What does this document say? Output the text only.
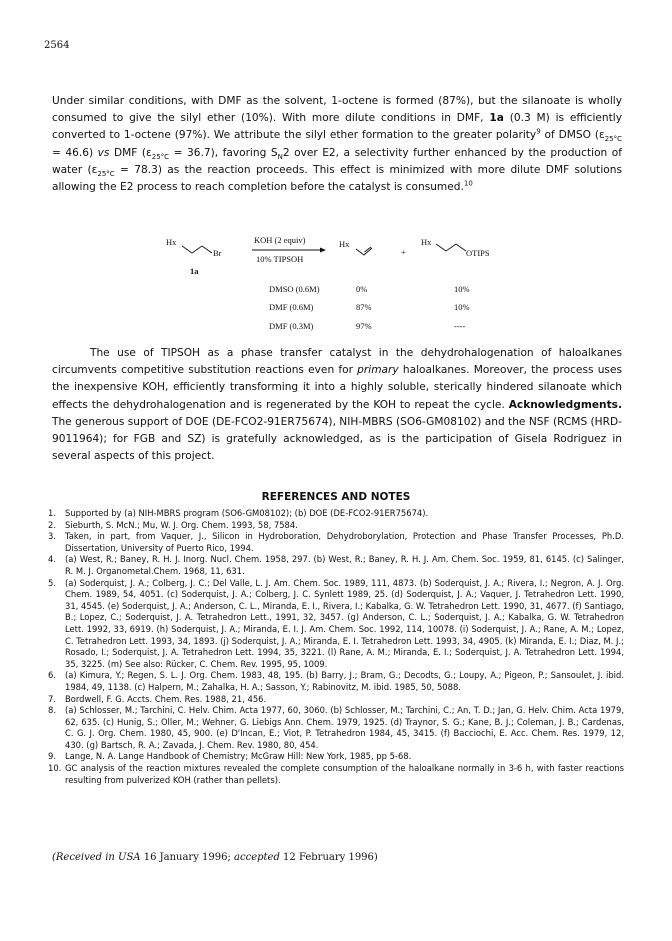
2564
Under similar conditions, with DMF as the solvent, 1-octene is formed (87%), but the silanoate is wholly consumed to give the silyl ether (10%). With more dilute conditions in DMF, 1a (0.3 M) is efficiently converted to 1-octene (97%). We attribute the silyl ether formation to the greater polarity$^9$ of DMSO $(\varepsilon_{25^\circ C} = 46.6)$ vs DMF $(\varepsilon_{25^\circ C} = 36.7)$, favoring $S_N2$ over E2, a selectivity further enhanced by the production of water $(\varepsilon_{25^\circ C} = 78.3)$ as the reaction proceeds. This effect is minimized with more dilute DMF solutions allowing the E2 process to reach completion before the catalyst is consumed.$^{10}$
Hx
Br
1a
KOH (2 equiv)
10% TIPSOH
Hx
+
Hx
OTIPS
DMSO (0.6M)	0%	10%
DMF (0.6M)	87%	10%
DMF (0.3M)	97%	----
The use of TIPSOH as a phase transfer catalyst in the dehydrohalogenation of haloalkanes circumvents competitive substitution reactions even for primary haloalkanes. Moreover, the process uses the inexpensive KOH, efficiently transforming it into a highly soluble, sterically hindered silanoate which effects the dehydrohalogenation and is regenerated by the KOH to repeat the cycle. Acknowledgments. The generous support of DOE (DE-FCO2-91ER75674), NIH-MBRS (SO6-GM08102) and the NSF (RCMS (HRD-9011964); for FGB and SZ) is gratefully acknowledged, as is the participation of Gisela Rodriguez in several aspects of this project.
REFERENCES AND NOTES
1. Supported by (a) NIH-MBRS program (SO6-GM08102); (b) DOE (DE-FCO2-91ER75674).
2. Sieburth, S. McN.; Mu, W. J. Org. Chem. 1993, 58, 7584.
3. Taken, in part, from Vaquer, J., Silicon in Hydroboration, Dehydroborylation, Protection and Phase Transfer Processes, Ph.D. Dissertation, University of Puerto Rico, 1994.
4. (a) West, R.; Baney, R. H. J. Inorg. Nucl. Chem. 1958, 297. (b) West, R.; Baney, R. H. J. Am. Chem. Soc. 1959, 81, 6145. (c) Salinger, R. M. J. Organometal.Chem. 1968, 11, 631.
5. (a) Soderquist, J. A.; Colberg, J. C.; Del Valle, L. J. Am. Chem. Soc. 1989, 111, 4873. (b) Soderquist, J. A.; Rivera, I.; Negron, A. J. Org. Chem. 1989, 54, 4051. (c) Soderquist, J. A.; Colberg, J. C. Synlett 1989, 25. (d) Soderquist, J. A.; Vaquer, J. Tetrahedron Lett. 1990, 31, 4545. (e) Soderquist, J. A.; Anderson, C. L., Miranda, E. I., Rivera, I.; Kabalka, G. W. Tetrahedron Lett. 1990, 31, 4677. (f) Santiago, B.; Lopez, C.; Soderquist, J. A. Tetrahedron Lett., 1991, 32, 3457. (g) Anderson, C. L.; Soderquist, J. A.; Kabalka, G. W. Tetrahedron Lett. 1992, 33, 6919. (h) Soderquist, J. A.; Miranda, E. I. J. Am. Chem. Soc. 1992, 114, 10078. (i) Soderquist, J. A.; Rane, A. M.; Lopez, C. Tetrahedron Lett. 1993, 34, 1893. (j) Soderquist, J. A.; Miranda, E. I. Tetrahedron Lett. 1993, 34, 4905. (k) Miranda, E. I.; Diaz, M. J.; Rosado, I.; Soderquist, J. A. Tetrahedron Lett. 1994, 35, 3221. (l) Rane, A. M.; Miranda, E. I.; Soderquist, J. A. Tetrahedron Lett. 1994, 35, 3225. (m) See also: Rücker, C. Chem. Rev. 1995, 95, 1009.
6. (a) Kimura, Y.; Regen, S. L. J. Org. Chem. 1983, 48, 195. (b) Barry, J.; Bram, G.; Decodts, G.; Loupy, A.; Pigeon, P.; Sansoulet, J. ibid. 1984, 49, 1138. (c) Halpern, M.; Zahalka, H. A.; Sasson, Y.; Rabinovitz, M. ibid. 1985, 50, 5088.
7. Bordwell, F. G. Accts. Chem. Res. 1988, 21, 456.
8. (a) Schlosser, M.; Tarchini, C. Helv. Chim. Acta 1977, 60, 3060. (b) Schlosser, M.; Tarchini, C.; An, T. D.; Jan, G. Helv. Chim. Acta 1979, 62, 635. (c) Hunig, S.; Oller, M.; Wehner, G. Liebigs Ann. Chem. 1979, 1925. (d) Traynor, S. G.; Kane, B. J.; Coleman, J. B.; Cardenas, C. G. J. Org. Chem. 1980, 45, 900. (e) D'Incan, E.; Viot, P. Tetrahedron 1984, 45, 3415. (f) Bacciochi, E. Acc. Chem. Res. 1979, 12, 430. (g) Bartsch, R. A.; Zavada, J. Chem. Rev. 1980, 80, 454.
9. Lange, N. A. Lange Handbook of Chemistry; McGraw Hill: New York, 1985, pp 5-68.
10. GC analysis of the reaction mixtures revealed the complete consumption of the haloalkane normally in 3-6 h, with faster reactions resulting from pulverized KOH (rather than pellets).
(Received in USA 16 January 1996; accepted 12 February 1996)
